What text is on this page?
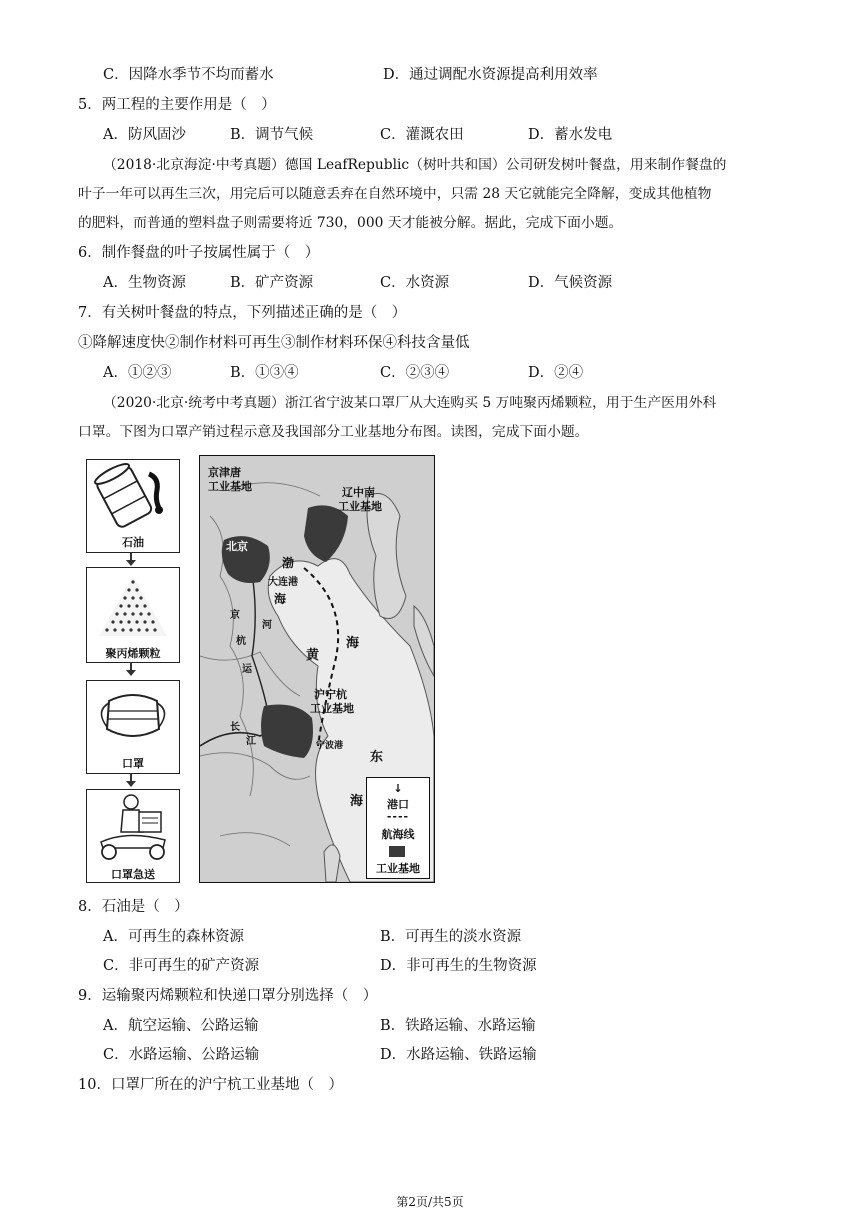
C．因降水季节不均而蓄水	D．通过调配水资源提高利用效率
5．两工程的主要作用是（　）
A．防风固沙	B．调节气候	C．灌溉农田	D．蓄水发电
（2018·北京海淀·中考真题）德国 LeafRepublic（树叶共和国）公司研发树叶餐盘，用来制作餐盘的
叶子一年可以再生三次，用完后可以随意丢弃在自然环境中，只需 28 天它就能完全降解，变成其他植物
的肥料，而普通的塑料盘子则需要将近 730，000 天才能被分解。据此，完成下面小题。
6．制作餐盘的叶子按属性属于（　）
A．生物资源	B．矿产资源	C．水资源	D．气候资源
7．有关树叶餐盘的特点，下列描述正确的是（　）
①降解速度快②制作材料可再生③制作材料环保④科技含量低
A．①②③	B．①③④	C．②③④	D．②④
（2020·北京·统考中考真题）浙江省宁波某口罩厂从大连购买 5 万吨聚丙烯颗粒，用于生产医用外科
口罩。下图为口罩产销过程示意及我国部分工业基地分布图。读图，完成下面小题。
石油
聚丙烯颗粒
口罩
口罩急送
京津唐
工业基地	辽中南
工业基地
北京
渤
大连港
海
黄
海
京
杭
运
河
沪宁杭
工业基地
长
江	宁波港
东
海
↓
港口
----
航海线
工业基地
8．石油是（　）
A．可再生的森林资源	B．可再生的淡水资源
C．非可再生的矿产资源	D．非可再生的生物资源
9．运输聚丙烯颗粒和快递口罩分别选择（　）
A．航空运输、公路运输	B．铁路运输、水路运输
C．水路运输、公路运输	D．水路运输、铁路运输
10．口罩厂所在的沪宁杭工业基地（　）
第2页/共5页
